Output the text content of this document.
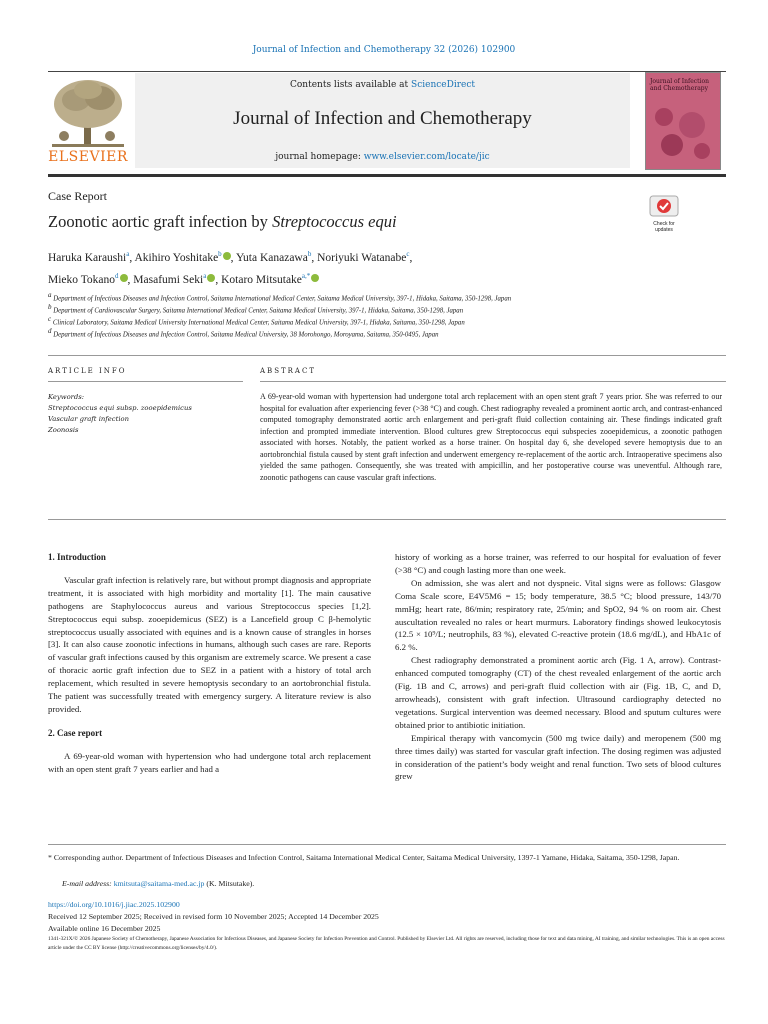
Journal of Infection and Chemotherapy 32 (2026) 102900
ELSEVIER
Contents lists available at ScienceDirect
Journal of Infection and Chemotherapy
journal homepage: www.elsevier.com/locate/jic
Journal of Infection and Chemotherapy
Case Report
Zoonotic aortic graft infection by Streptococcus equi	Check for updates
Haruka Karaushi$^a$, Akihiro Yoshitake$^b$ , Yuta Kanazawa$^b$, Noriyuki Watanabe$^c$,
Mieko Tokano$^d$ , Masafumi Seki$^a$ , Kotaro Mitsutake$^{a,*}$
$^a$ Department of Infectious Diseases and Infection Control, Saitama International Medical Center, Saitama Medical University, 397-1, Hidaka, Saitama, 350-1298, Japan
$^b$ Department of Cardiovascular Surgery, Saitama International Medical Center, Saitama Medical University, 397-1, Hidaka, Saitama, 350-1298, Japan
$^c$ Clinical Laboratory, Saitama Medical University International Medical Center, Saitama Medical University, 397-1, Hidaka, Saitama, 350-1298, Japan
$^d$ Department of Infectious Diseases and Infection Control, Saitama Medical University, 38 Morohongo, Moroyama, Saitama, 350-0495, Japan
ARTICLE INFO
Keywords:
Streptococcus equi subsp. zooepidemicus
Vascular graft infection
Zoonosis
ABSTRACT
A 69-year-old woman with hypertension had undergone total arch replacement with an open stent graft 7 years prior. She was referred to our hospital for evaluation after experiencing fever (>38 °C) and cough. Chest radiography revealed a prominent aortic arch, and contrast-enhanced computed tomography demonstrated aortic arch enlargement and peri-graft fluid collection containing air. These findings indicated graft infection and prompted immediate intervention. Blood cultures grew Streptococcus equi subspecies zooepidemicus, a zoonotic pathogen associated with horses. Notably, the patient worked as a horse trainer. On hospital day 6, she developed severe hemoptysis due to an aortobronchial fistula caused by stent graft infection and underwent emergency re-replacement of the aortic arch. Intraoperative specimens also yielded the same pathogen. Consequently, she was treated with ampicillin, and her postoperative course was uneventful. Although rare, zoonotic pathogens can cause vascular graft infections.
1. Introduction

Vascular graft infection is relatively rare, but without prompt diagnosis and appropriate treatment, it is associated with high morbidity and mortality [1]. The main causative pathogens are Staphylococcus aureus and various Streptococcus species [1,2]. Streptococcus equi subsp. zooepidemicus (SEZ) is a Lancefield group C β-hemolytic streptococcus usually associated with equines and is a known cause of strangles in horses [3]. It can also cause zoonotic infections in humans, although such cases are rare. Reports of vascular graft infections caused by this organism are extremely scarce. We present a case of thoracic aortic graft infection due to SEZ in a patient with a history of total arch replacement, which resulted in severe hemoptysis secondary to an aortobronchial fistula. The patient was successfully treated with emergency surgery. A literature review is also provided.

2. Case report

A 69-year-old woman with hypertension who had undergone total arch replacement with an open stent graft 7 years earlier and had a

history of working as a horse trainer, was referred to our hospital for evaluation of fever (>38 °C) and cough lasting more than one week.

On admission, she was alert and not dyspneic. Vital signs were as follows: Glasgow Coma Scale score, E4V5M6 = 15; body temperature, 38.5 °C; blood pressure, 143/70 mmHg; heart rate, 86/min; respiratory rate, 25/min; and SpO2, 94 % on room air. Chest auscultation revealed no rales or heart murmurs. Laboratory findings showed leukocytosis (12.5 × 10⁹/L; neutrophils, 83 %), elevated C-reactive protein (18.6 mg/dL), and HbA1c of 6.2 %.

Chest radiography demonstrated a prominent aortic arch (Fig. 1 A, arrow). Contrast-enhanced computed tomography (CT) of the chest revealed enlargement of the aortic arch (Fig. 1B and C, arrows) and peri-graft fluid collection with air (Fig. 1B, C, and D, arrowheads), consistent with graft infection. Ultrasound cardiography detected no vegetations. Surgical intervention was deemed necessary. Blood and sputum cultures were obtained prior to antibiotic initiation.

Empirical therapy with vancomycin (500 mg twice daily) and meropenem (500 mg three times daily) was started for vascular graft infection. The dosing regimen was adjusted in consideration of the patient’s body weight and renal function. Two sets of blood cultures grew

* Corresponding author. Department of Infectious Diseases and Infection Control, Saitama International Medical Center, Saitama Medical University, 1397-1 Yamane, Hidaka, Saitama, 350-1298, Japan.
E-mail address: kmitsuta@saitama-med.ac.jp (K. Mitsutake).
https://doi.org/10.1016/j.jiac.2025.102900
Received 12 September 2025; Received in revised form 10 November 2025; Accepted 14 December 2025
Available online 16 December 2025
1341-321X/© 2026 Japanese Society of Chemotherapy, Japanese Association for Infectious Diseases, and Japanese Society for Infection Prevention and Control. Published by Elsevier Ltd. All rights are reserved, including those for text and data mining, AI training, and similar technologies. This is an open access article under the CC BY license (http://creativecommons.org/licenses/by/4.0/).
